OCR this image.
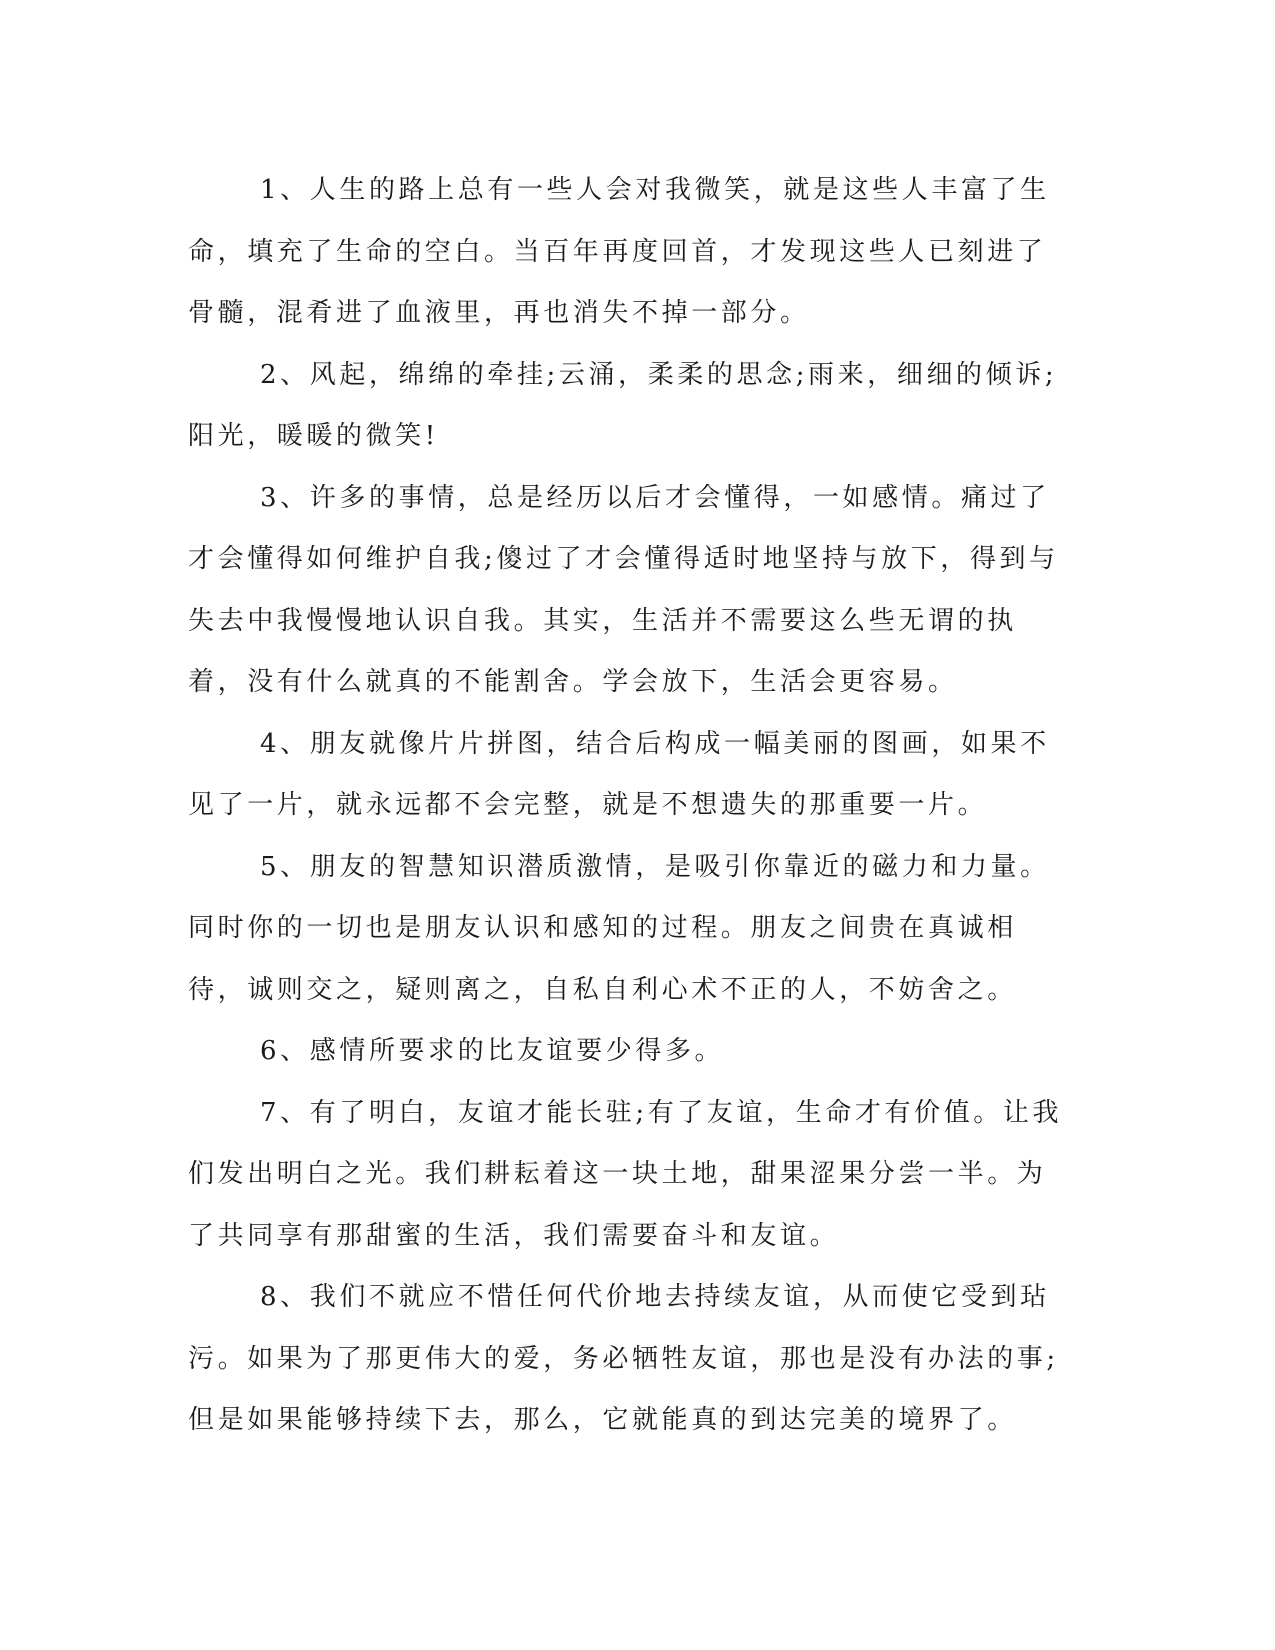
1、人生的路上总有一些人会对我微笑，就是这些人丰富了生命，填充了生命的空白。当百年再度回首，才发现这些人已刻进了骨髓，混肴进了血液里，再也消失不掉一部分。

2、风起，绵绵的牵挂;云涌，柔柔的思念;雨来，细细的倾诉;阳光，暖暖的微笑!

3、许多的事情，总是经历以后才会懂得，一如感情。痛过了才会懂得如何维护自我;傻过了才会懂得适时地坚持与放下，得到与失去中我慢慢地认识自我。其实，生活并不需要这么些无谓的执着，没有什么就真的不能割舍。学会放下，生活会更容易。

4、朋友就像片片拼图，结合后构成一幅美丽的图画，如果不见了一片，就永远都不会完整，就是不想遗失的那重要一片。

5、朋友的智慧知识潜质激情，是吸引你靠近的磁力和力量。同时你的一切也是朋友认识和感知的过程。朋友之间贵在真诚相待，诚则交之，疑则离之，自私自利心术不正的人，不妨舍之。

6、感情所要求的比友谊要少得多。

7、有了明白，友谊才能长驻;有了友谊，生命才有价值。让我们发出明白之光。我们耕耘着这一块土地，甜果涩果分尝一半。为了共同享有那甜蜜的生活，我们需要奋斗和友谊。

8、我们不就应不惜任何代价地去持续友谊，从而使它受到玷污。如果为了那更伟大的爱，务必牺牲友谊，那也是没有办法的事;但是如果能够持续下去，那么，它就能真的到达完美的境界了。
